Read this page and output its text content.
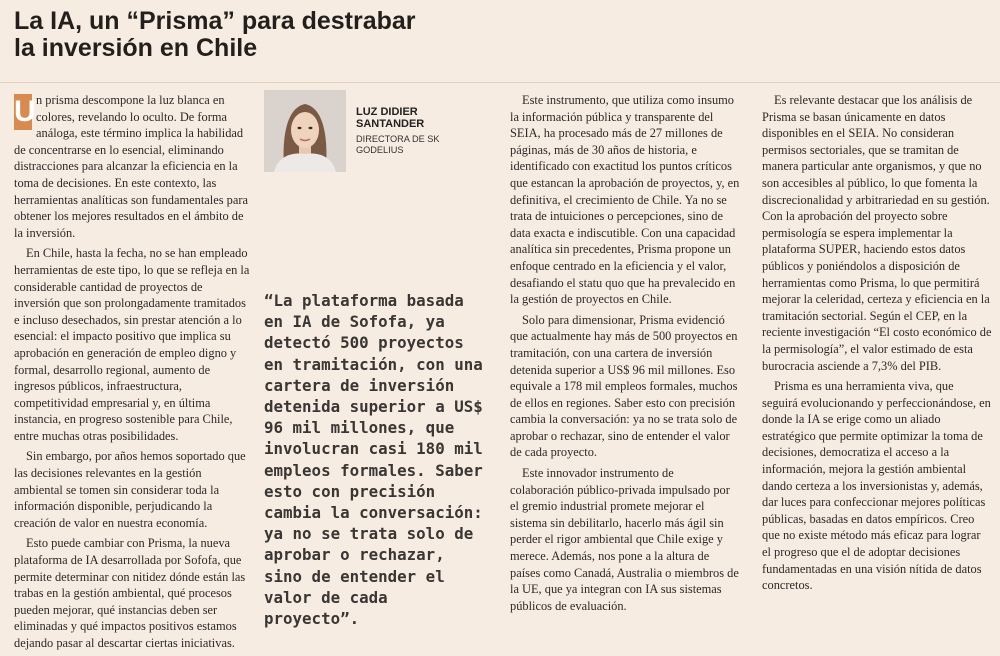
La IA, un “Prisma” para destrabar
la inversión en Chile

U n prisma descompone la luz blanca en colores, revelando lo oculto. De forma análoga, este término implica la habilidad de concentrarse en lo esencial, eliminando distracciones para alcanzar la eficiencia en la toma de decisiones. En este contexto, las herramientas analíticas son fundamentales para obtener los mejores resultados en el ámbito de la inversión.

En Chile, hasta la fecha, no se han empleado herramientas de este tipo, lo que se refleja en la considerable cantidad de proyectos de inversión que son prolongadamente tramitados e incluso desechados, sin prestar atención a lo esencial: el impacto positivo que implica su aprobación en generación de empleo digno y formal, desarrollo regional, aumento de ingresos públicos, infraestructura, competitividad empresarial y, en última instancia, en progreso sostenible para Chile, entre muchas otras posibilidades.

Sin embargo, por años hemos soportado que las decisiones relevantes en la gestión ambiental se tomen sin considerar toda la información disponible, perjudicando la creación de valor en nuestra economía.

Esto puede cambiar con Prisma, la nueva plataforma de IA desarrollada por Sofofa, que permite determinar con nitidez dónde están las trabas en la gestión ambiental, qué procesos pueden mejorar, qué instancias deben ser eliminadas y qué impactos positivos estamos dejando pasar al descartar ciertas iniciativas.

LUZ DIDIER
SANTANDER
DIRECTORA DE SK
GODELIUS
“La plataforma basada en IA de Sofofa, ya detectó 500 proyectos en tramitación, con una cartera de inversión detenida superior a US$ 96 mil millones, que involucran casi 180 mil empleos formales. Saber esto con precisión cambia la conversación: ya no se trata solo de aprobar o rechazar, sino de entender el valor de cada proyecto”.

Este instrumento, que utiliza como insumo la información pública y transparente del SEIA, ha procesado más de 27 millones de páginas, más de 30 años de historia, e identificado con exactitud los puntos críticos que estancan la aprobación de proyectos, y, en definitiva, el crecimiento de Chile. Ya no se trata de intuiciones o percepciones, sino de data exacta e indiscutible. Con una capacidad analítica sin precedentes, Prisma propone un enfoque centrado en la eficiencia y el valor, desafiando el statu quo que ha prevalecido en la gestión de proyectos en Chile.

Solo para dimensionar, Prisma evidenció que actualmente hay más de 500 proyectos en tramitación, con una cartera de inversión detenida superior a US$ 96 mil millones. Eso equivale a 178 mil empleos formales, muchos de ellos en regiones. Saber esto con precisión cambia la conversación: ya no se trata solo de aprobar o rechazar, sino de entender el valor de cada proyecto.

Este innovador instrumento de colaboración público-privada impulsado por el gremio industrial promete mejorar el sistema sin debilitarlo, hacerlo más ágil sin perder el rigor ambiental que Chile exige y merece. Además, nos pone a la altura de países como Canadá, Australia o miembros de la UE, que ya integran con IA sus sistemas públicos de evaluación.

Es relevante destacar que los análisis de Prisma se basan únicamente en datos disponibles en el SEIA. No consideran permisos sectoriales, que se tramitan de manera particular ante organismos, y que no son accesibles al público, lo que fomenta la discrecionalidad y arbitrariedad en su gestión. Con la aprobación del proyecto sobre permisología se espera implementar la plataforma SUPER, haciendo estos datos públicos y poniéndolos a disposición de herramientas como Prisma, lo que permitirá mejorar la celeridad, certeza y eficiencia en la tramitación sectorial. Según el CEP, en la reciente investigación “El costo económico de la permisología”, el valor estimado de esta burocracia asciende a 7,3% del PIB.

Prisma es una herramienta viva, que seguirá evolucionando y perfeccionándose, en donde la IA se erige como un aliado estratégico que permite optimizar la toma de decisiones, democratiza el acceso a la información, mejora la gestión ambiental dando certeza a los inversionistas y, además, dar luces para confeccionar mejores políticas públicas, basadas en datos empíricos. Creo que no existe método más eficaz para lograr el progreso que el de adoptar decisiones fundamentadas en una visión nítida de datos concretos.
